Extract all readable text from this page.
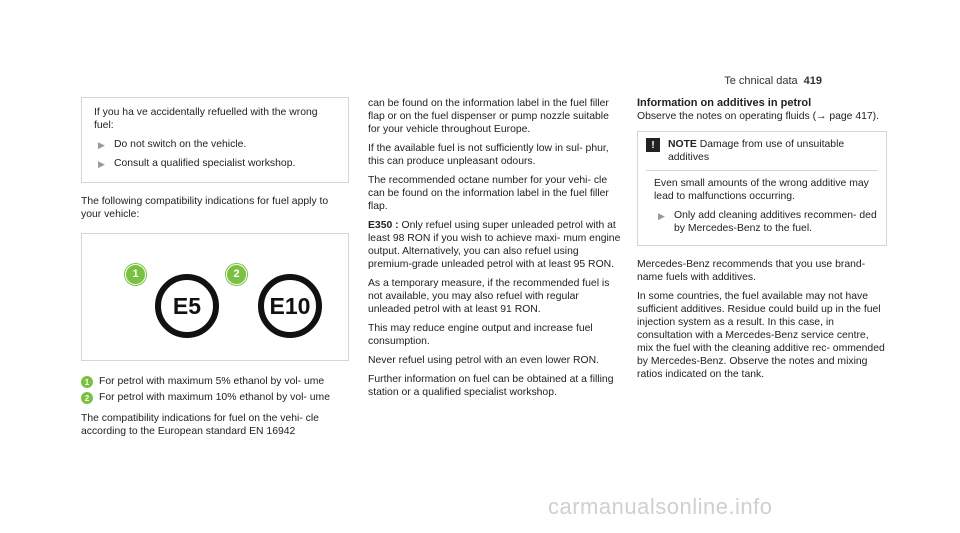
Te chnical data 419

If you ha ve accidentally refuelled with the wrong fuel:

▶ Do not switch on the vehicle.
▶ Consult a qualified specialist workshop.

The following compatibility indications for fuel apply to your vehicle:

1	2
E5	E10
1 For petrol with maximum 5% ethanol by vol- ume
2 For petrol with maximum 10% ethanol by vol- ume

The compatibility indications for fuel on the vehi- cle according to the European standard EN 16942

can be found on the information label in the fuel filler flap or on the fuel dispenser or pump nozzle suitable for your vehicle throughout Europe.

If the available fuel is not sufficiently low in sul- phur, this can produce unpleasant odours.

The recommended octane number for your vehi- cle can be found on the information label in the fuel filler flap.

E350 : Only refuel using super unleaded petrol with at least 98 RON if you wish to achieve maxi- mum engine output. Alternatively, you can also refuel using premium-grade unleaded petrol with at least 95 RON.

As a temporary measure, if the recommended fuel is not available, you may also refuel with regular unleaded petrol with at least 91 RON.

This may reduce engine output and increase fuel consumption.

Never refuel using petrol with an even lower RON.

Further information on fuel can be obtained at a filling station or a qualified specialist workshop.

Information on additives in petrol

Observe the notes on operating fluids (→ page 417).

!	NOTE Damage from use of unsuitable additives

Even small amounts of the wrong additive may lead to malfunctions occurring.

▶ Only add cleaning additives recommen- ded by Mercedes-Benz to the fuel.

Mercedes-Benz recommends that you use brand- name fuels with additives.

In some countries, the fuel available may not have sufficient additives. Residue could build up in the fuel injection system as a result. In this case, in consultation with a Mercedes-Benz service centre, mix the fuel with the cleaning additive rec- ommended by Mercedes-Benz. Observe the notes and mixing ratios indicated on the tank.

carmanualsonline.info
